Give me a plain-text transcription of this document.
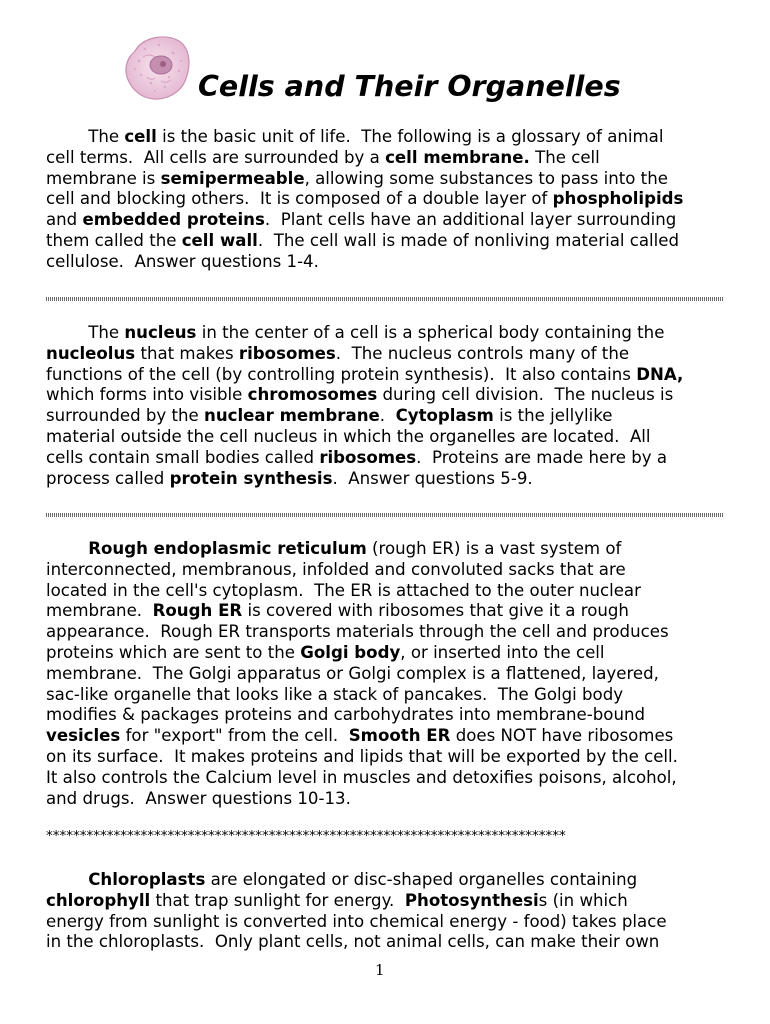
Cells and Their Organelles

The cell is the basic unit of life.  The following is a glossary of animal
cell terms.  All cells are surrounded by a cell membrane. The cell
membrane is semipermeable, allowing some substances to pass into the
cell and blocking others.  It is composed of a double layer of phospholipids
and embedded proteins.  Plant cells have an additional layer surrounding
them called the cell wall.  The cell wall is made of nonliving material called
cellulose.  Answer questions 1-4.

The nucleus in the center of a cell is a spherical body containing the
nucleolus that makes ribosomes.  The nucleus controls many of the
functions of the cell (by controlling protein synthesis).  It also contains DNA,
which forms into visible chromosomes during cell division.  The nucleus is
surrounded by the nuclear membrane.  Cytoplasm is the jellylike
material outside the cell nucleus in which the organelles are located.  All
cells contain small bodies called ribosomes.  Proteins are made here by a
process called protein synthesis.  Answer questions 5-9.

Rough endoplasmic reticulum (rough ER) is a vast system of
interconnected, membranous, infolded and convoluted sacks that are
located in the cell's cytoplasm.  The ER is attached to the outer nuclear
membrane.  Rough ER is covered with ribosomes that give it a rough
appearance.  Rough ER transports materials through the cell and produces
proteins which are sent to the Golgi body, or inserted into the cell
membrane.  The Golgi apparatus or Golgi complex is a flattened, layered,
sac-like organelle that looks like a stack of pancakes.  The Golgi body
modifies & packages proteins and carbohydrates into membrane-bound
vesicles for "export" from the cell.  Smooth ER does NOT have ribosomes
on its surface.  It makes proteins and lipids that will be exported by the cell.
It also controls the Calcium level in muscles and detoxifies poisons, alcohol,
and drugs.  Answer questions 10-13.

*****************************************************************************

Chloroplasts are elongated or disc-shaped organelles containing
chlorophyll that trap sunlight for energy.  Photosynthesis (in which
energy from sunlight is converted into chemical energy - food) takes place
in the chloroplasts.  Only plant cells, not animal cells, can make their own

1
